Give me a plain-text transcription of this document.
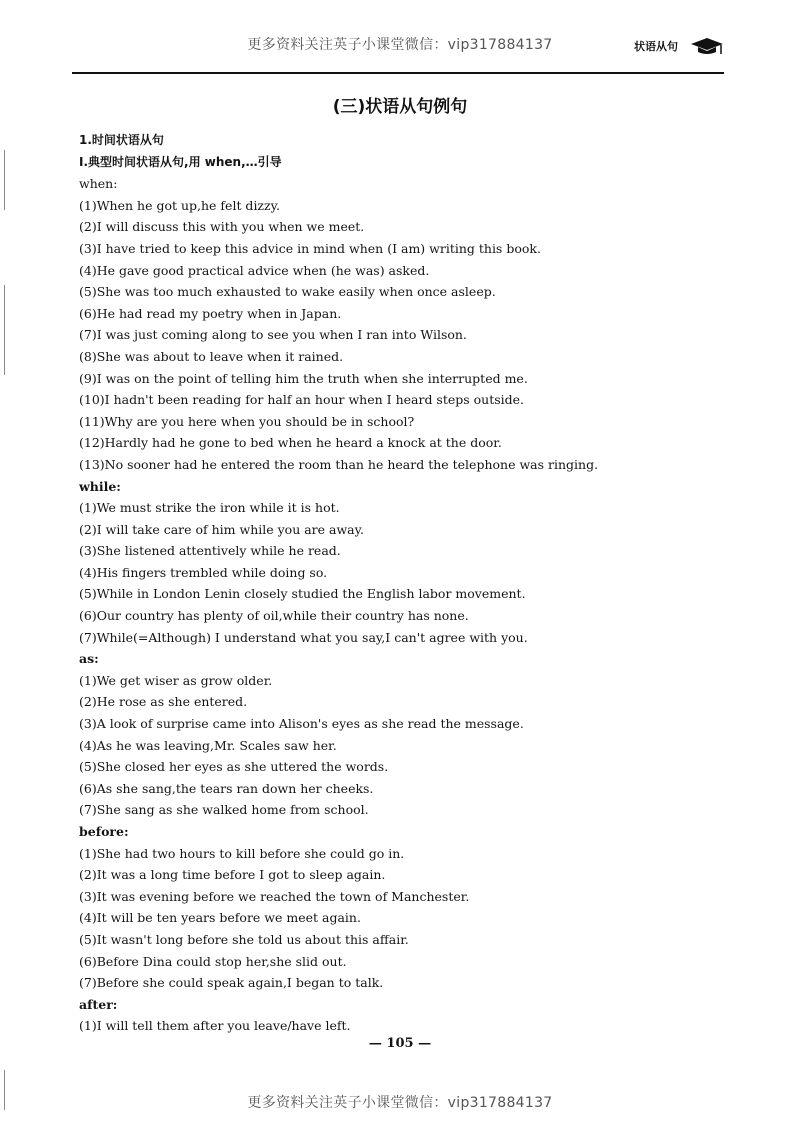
更多资料关注英子小课堂微信：vip317884137	状语从句
(三)状语从句例句
1.时间状语从句
Ⅰ.典型时间状语从句,用 when,…引导
when:
(1)When he got up,he felt dizzy.
(2)I will discuss this with you when we meet.
(3)I have tried to keep this advice in mind when (I am) writing this book.
(4)He gave good practical advice when (he was) asked.
(5)She was too much exhausted to wake easily when once asleep.
(6)He had read my poetry when in Japan.
(7)I was just coming along to see you when I ran into Wilson.
(8)She was about to leave when it rained.
(9)I was on the point of telling him the truth when she interrupted me.
(10)I hadn't been reading for half an hour when I heard steps outside.
(11)Why are you here when you should be in school?
(12)Hardly had he gone to bed when he heard a knock at the door.
(13)No sooner had he entered the room than he heard the telephone was ringing.
while:
(1)We must strike the iron while it is hot.
(2)I will take care of him while you are away.
(3)She listened attentively while he read.
(4)His fingers trembled while doing so.
(5)While in London Lenin closely studied the English labor movement.
(6)Our country has plenty of oil,while their country has none.
(7)While(=Although) I understand what you say,I can't agree with you.
as:
(1)We get wiser as grow older.
(2)He rose as she entered.
(3)A look of surprise came into Alison's eyes as she read the message.
(4)As he was leaving,Mr. Scales saw her.
(5)She closed her eyes as she uttered the words.
(6)As she sang,the tears ran down her cheeks.
(7)She sang as she walked home from school.
before:
(1)She had two hours to kill before she could go in.
(2)It was a long time before I got to sleep again.
(3)It was evening before we reached the town of Manchester.
(4)It will be ten years before we meet again.
(5)It wasn't long before she told us about this affair.
(6)Before Dina could stop her,she slid out.
(7)Before she could speak again,I began to talk.
after:
(1)I will tell them after you leave/have left.
— 105 —
更多资料关注英子小课堂微信：vip317884137
